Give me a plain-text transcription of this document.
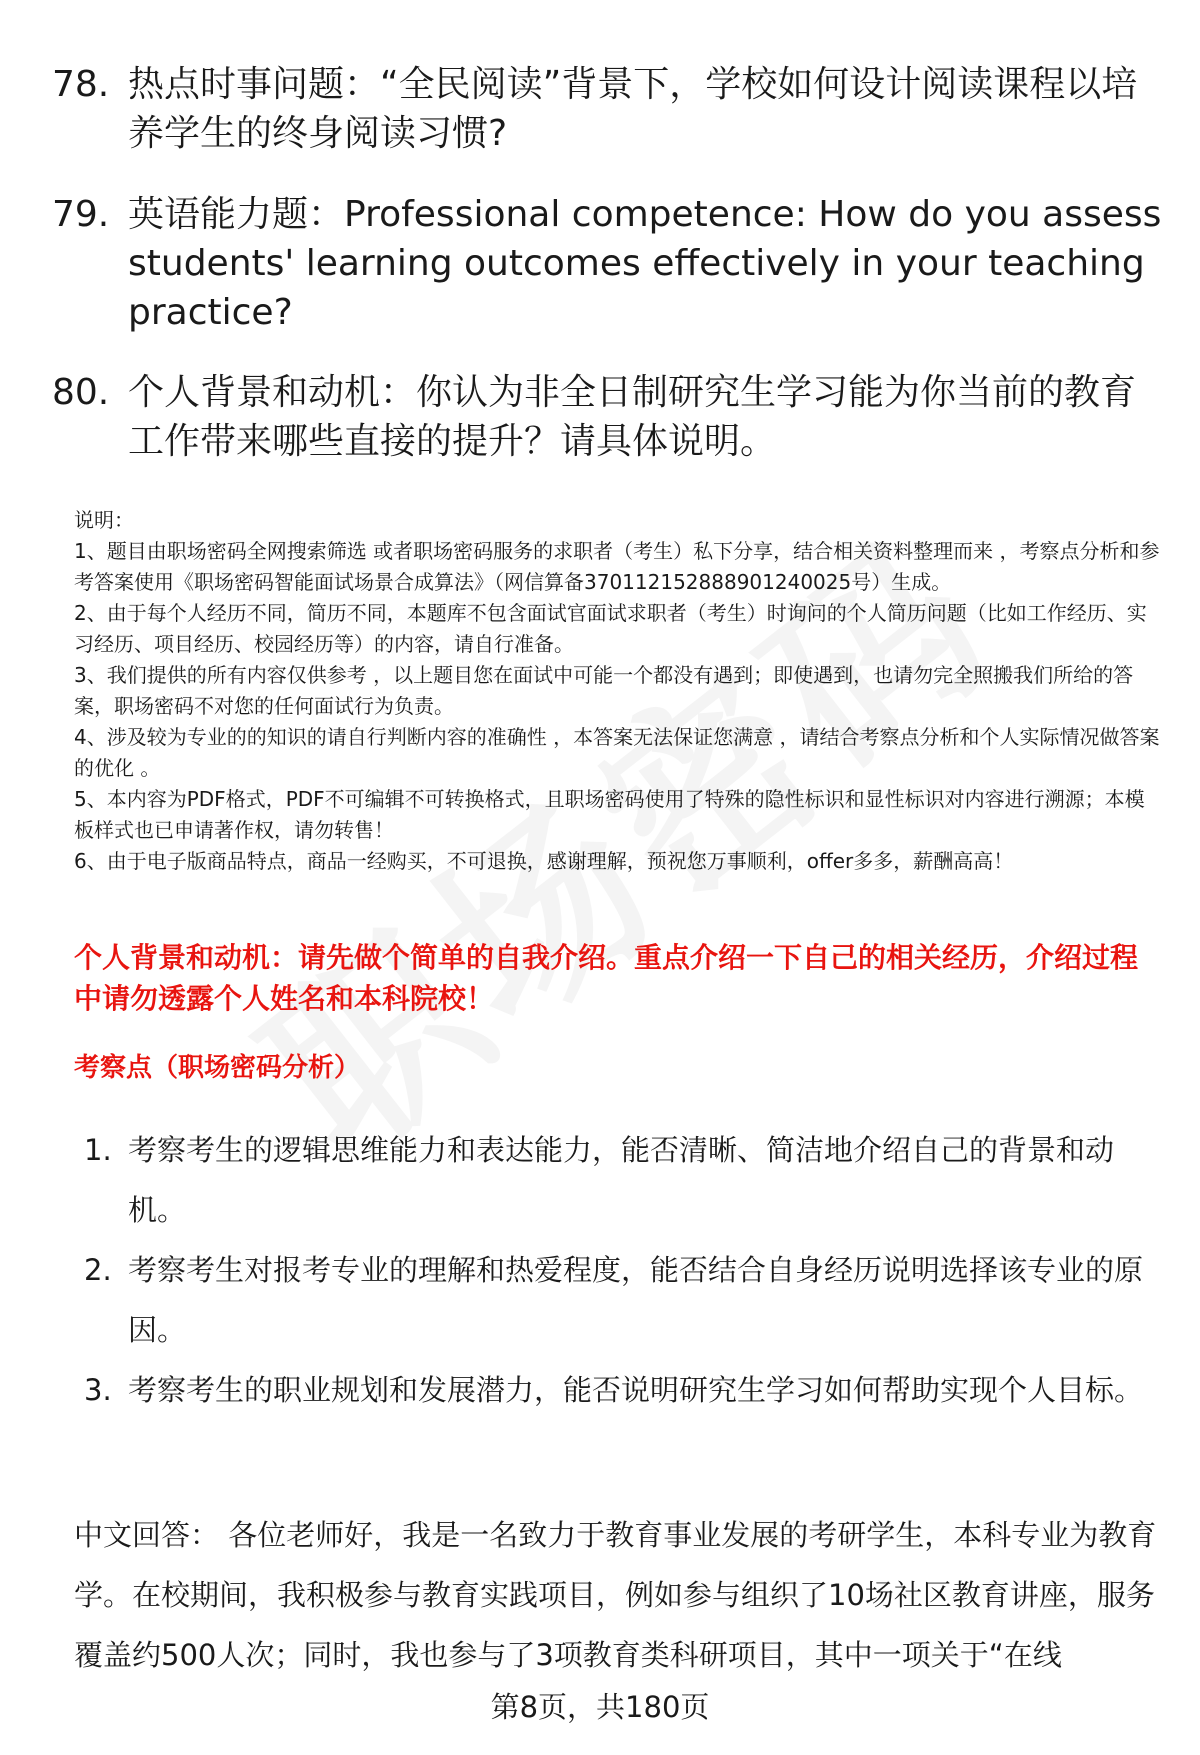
78. 热点时事问题：“全民阅读”背景下，学校如何设计阅读课程以培养学生的终身阅读习惯?
79. 英语能力题：Professional competence: How do you assess students' learning outcomes effectively in your teaching practice?
80. 个人背景和动机：你认为非全日制研究生学习能为你当前的教育工作带来哪些直接的提升？请具体说明。

说明：

1、题目由职场密码全网搜索筛选 或者职场密码服务的求职者（考生）私下分享，结合相关资料整理而来 ，考察点分析和参考答案使用《职场密码智能面试场景合成算法》（网信算备370112152888901240025号）生成。

2、由于每个人经历不同，简历不同，本题库不包含面试官面试求职者（考生）时询问的个人简历问题（比如工作经历、实习经历、项目经历、校园经历等）的内容，请自行准备。

3、我们提供的所有内容仅供参考 ，以上题目您在面试中可能一个都没有遇到；即使遇到，也请勿完全照搬我们所给的答案，职场密码不对您的任何面试行为负责。

4、涉及较为专业的的知识的请自行判断内容的准确性 ，本答案无法保证您满意 ，请结合考察点分析和个人实际情况做答案的优化 。

5、本内容为PDF格式，PDF不可编辑不可转换格式，且职场密码使用了特殊的隐性标识和显性标识对内容进行溯源；本模板样式也已申请著作权，请勿转售！

6、由于电子版商品特点，商品一经购买，不可退换，感谢理解，预祝您万事顺利，offer多多，薪酬高高！

个人背景和动机：请先做个简单的自我介绍。重点介绍一下自己的相关经历，介绍过程中请勿透露个人姓名和本科院校！
考察点（职场密码分析）
1. 考察考生的逻辑思维能力和表达能力，能否清晰、简洁地介绍自己的背景和动机。
2. 考察考生对报考专业的理解和热爱程度，能否结合自身经历说明选择该专业的原因。
3. 考察考生的职业规划和发展潜力，能否说明研究生学习如何帮助实现个人目标。
中文回答： 各位老师好，我是一名致力于教育事业发展的考研学生，本科专业为教育学。在校期间，我积极参与教育实践项目，例如参与组织了10场社区教育讲座，服务覆盖约500人次；同时，我也参与了3项教育类科研项目，其中一项关于“在线
第8页，共180页
